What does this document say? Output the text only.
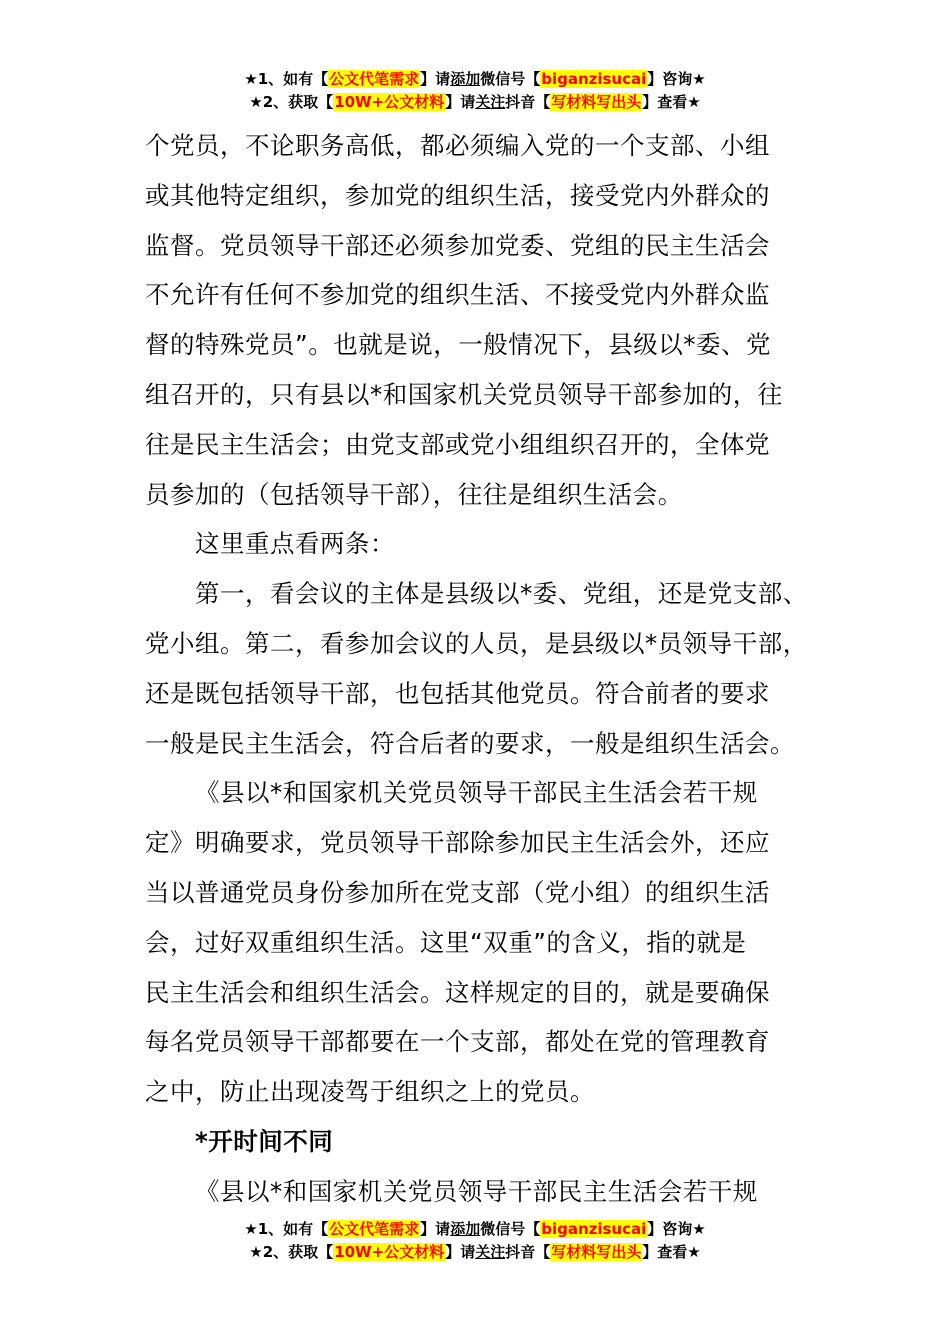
★1、如有【公文代笔需求】请添加微信号【biganzisucai】咨询★
★2、获取【10W+公文材料】请关注抖音【写材料写出头】查看★

个党员，不论职务高低，都必须编入党的一个支部、小组

或其他特定组织，参加党的组织生活，接受党内外群众的

监督。党员领导干部还必须参加党委、党组的民主生活会

不允许有任何不参加党的组织生活、不接受党内外群众监

督的特殊党员”。也就是说，一般情况下，县级以*委、党

组召开的，只有县以*和国家机关党员领导干部参加的，往

往是民主生活会；由党支部或党小组组织召开的，全体党

员参加的（包括领导干部），往往是组织生活会。

这里重点看两条：

第一，看会议的主体是县级以*委、党组，还是党支部、

党小组。第二，看参加会议的人员，是县级以*员领导干部，

还是既包括领导干部，也包括其他党员。符合前者的要求

一般是民主生活会，符合后者的要求，一般是组织生活会。

《县以*和国家机关党员领导干部民主生活会若干规

定》明确要求，党员领导干部除参加民主生活会外，还应

当以普通党员身份参加所在党支部（党小组）的组织生活

会，过好双重组织生活。这里“双重”的含义，指的就是

民主生活会和组织生活会。这样规定的目的，就是要确保

每名党员领导干部都要在一个支部，都处在党的管理教育

之中，防止出现凌驾于组织之上的党员。

*开时间不同

《县以*和国家机关党员领导干部民主生活会若干规

★1、如有【公文代笔需求】请添加微信号【biganzisucai】咨询★
★2、获取【10W+公文材料】请关注抖音【写材料写出头】查看★
